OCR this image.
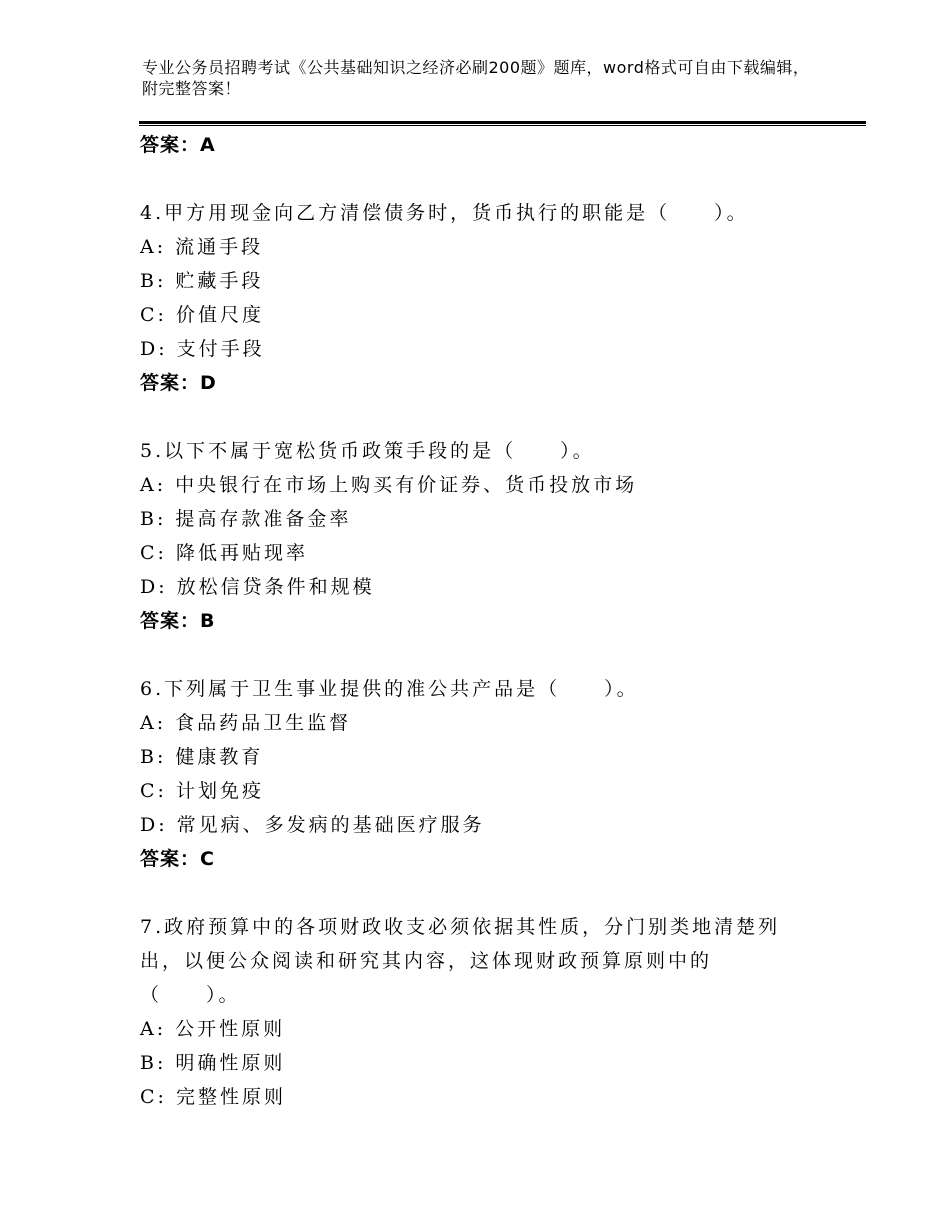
专业公务员招聘考试《公共基础知识之经济必刷200题》题库，word格式可自由下载编辑，附完整答案！
答案：A
4.甲方用现金向乙方清偿债务时，货币执行的职能是（　　）。
A: 流通手段
B: 贮藏手段
C: 价值尺度
D: 支付手段
答案：D
5.以下不属于宽松货币政策手段的是（　　）。
A: 中央银行在市场上购买有价证券、货币投放市场
B: 提高存款准备金率
C: 降低再贴现率
D: 放松信贷条件和规模
答案：B
6.下列属于卫生事业提供的准公共产品是（　　）。
A: 食品药品卫生监督
B: 健康教育
C: 计划免疫
D: 常见病、多发病的基础医疗服务
答案：C
7.政府预算中的各项财政收支必须依据其性质，分门别类地清楚列
出，以便公众阅读和研究其内容，这体现财政预算原则中的
（　　）。
A: 公开性原则
B: 明确性原则
C: 完整性原则
